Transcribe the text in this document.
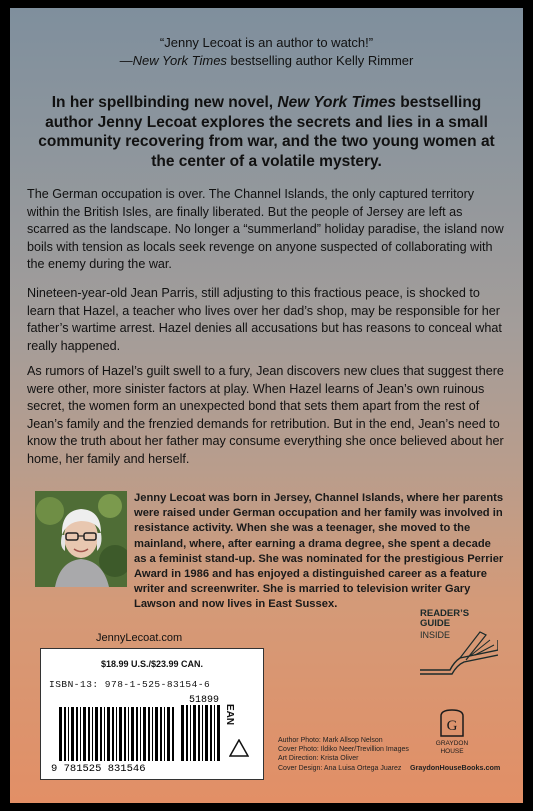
“Jenny Lecoat is an author to watch!”
—New York Times bestselling author Kelly Rimmer
In her spellbinding new novel, New York Times bestselling author Jenny Lecoat explores the secrets and lies in a small community recovering from war, and the two young women at the center of a volatile mystery.
The German occupation is over. The Channel Islands, the only captured territory within the British Isles, are finally liberated. But the people of Jersey are left as scarred as the landscape. No longer a “summerland” holiday paradise, the island now boils with tension as locals seek revenge on anyone suspected of collaborating with the enemy during the war.
Nineteen-year-old Jean Parris, still adjusting to this fractious peace, is shocked to learn that Hazel, a teacher who lives over her dad’s shop, may be responsible for her father’s wartime arrest. Hazel denies all accusations but has reasons to conceal what really happened.
As rumors of Hazel’s guilt swell to a fury, Jean discovers new clues that suggest there were other, more sinister factors at play. When Hazel learns of Jean’s own ruinous secret, the women form an unexpected bond that sets them apart from the rest of Jean’s family and the frenzied demands for retribution. But in the end, Jean’s need to know the truth about her father may consume everything she once believed about her home, her family and herself.
Jenny Lecoat was born in Jersey, Channel Islands, where her parents were raised under German occupation and her family was involved in resistance activity. When she was a teenager, she moved to the mainland, where, after earning a drama degree, she spent a decade as a feminist stand-up. She was nominated for the prestigious Perrier Award in 1986 and has enjoyed a distinguished career as a feature writer and screenwriter. She is married to television writer Gary Lawson and now lives in East Sussex.
JennyLecoat.com
$18.99 U.S./$23.99 CAN.
ISBN-13: 978-1-525-83154-6
51899
9 781525 831546
EAN
READER’S
GUIDE
INSIDE
G
GRAYDON
HOUSE
Author Photo: Mark Allsop Nelson
Cover Photo: Ildiko Neer/Trevillion Images
Art Direction: Krista Oliver
Cover Design: Ana Luisa Ortega Juarez	GraydonHouseBooks.com
